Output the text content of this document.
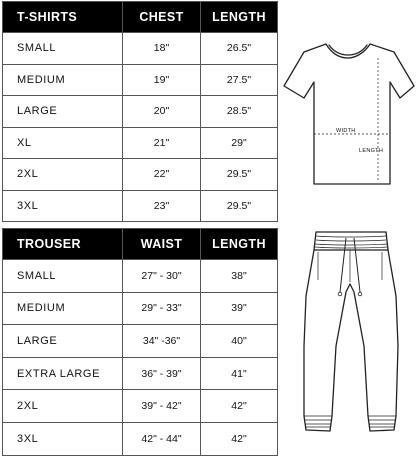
T-SHIRTS	CHEST	LENGTH
SMALL	18"	26.5"
MEDIUM	19"	27.5"
LARGE	20"	28.5"
XL	21"	29"
2XL	22"	29.5"
3XL	23"	29.5"
TROUSER	WAIST	LENGTH
SMALL	27" - 30"	38"
MEDIUM	29" - 33"	39"
LARGE	34" -36"	40"
EXTRA LARGE	36" - 39"	41"
2XL	39" - 42"	42"
3XL	42" - 44"	42"
WIDTH
LENGTH
